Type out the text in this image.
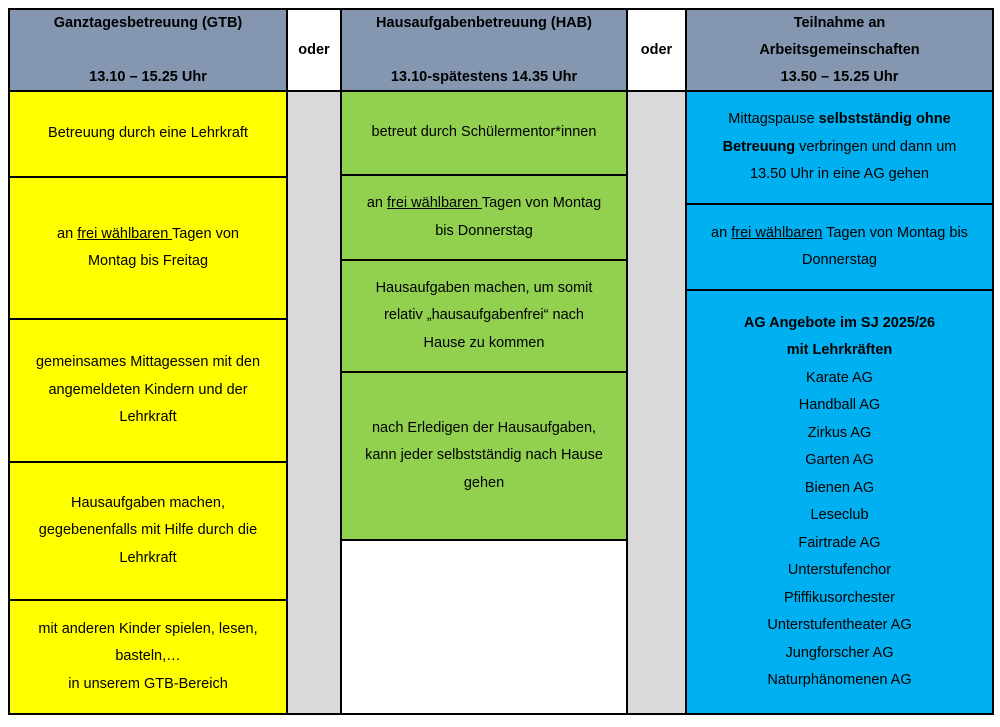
Ganztagesbetreuung (GTB)

13.10 – 15.25 Uhr
Betreuung durch eine Lehrkraft
an frei wählbaren Tagen von
Montag bis Freitag
gemeinsames Mittagessen mit den
angemeldeten Kindern und der
Lehrkraft
Hausaufgaben machen,
gegebenenfalls mit Hilfe durch die
Lehrkraft
mit anderen Kinder spielen, lesen,
basteln,…
in unserem GTB-Bereich
oder
Hausaufgabenbetreuung (HAB)

13.10-spätestens 14.35 Uhr
betreut durch Schülermentor*innen
an frei wählbaren Tagen von Montag
bis Donnerstag
Hausaufgaben machen, um somit
relativ „hausaufgabenfrei“ nach
Hause zu kommen
nach Erledigen der Hausaufgaben,
kann jeder selbstständig nach Hause
gehen
oder
Teilnahme an
Arbeitsgemeinschaften
13.50 – 15.25 Uhr
Mittagspause selbstständig ohne
Betreuung verbringen und dann um
13.50 Uhr in eine AG gehen
an frei wählbaren Tagen von Montag bis
Donnerstag
AG Angebote im SJ 2025/26
mit Lehrkräften
Karate AG
Handball AG
Zirkus AG
Garten AG
Bienen AG
Leseclub
Fairtrade AG
Unterstufenchor
Pfiffikusorchester
Unterstufentheater AG
Jungforscher AG
Naturphänomenen AG
